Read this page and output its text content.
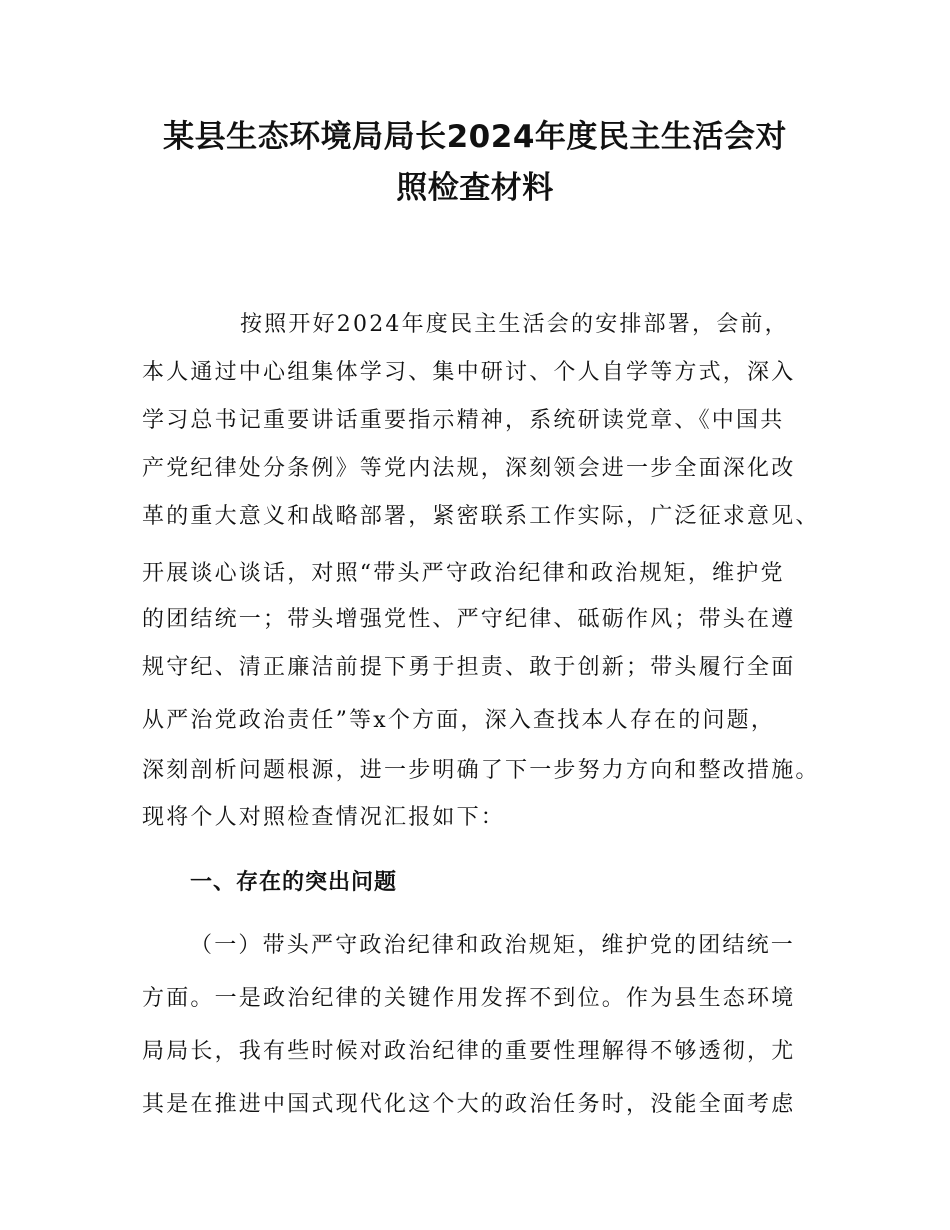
某县生态环境局局长2024年度民主生活会对
照检查材料
按照开好2024年度民主生活会的安排部署，会前，
本人通过中心组集体学习、集中研讨、个人自学等方式，深入
学习总书记重要讲话重要指示精神，系统研读党章、《中国共
产党纪律处分条例》等党内法规，深刻领会进一步全面深化改
革的重大意义和战略部署，紧密联系工作实际，广泛征求意见、
开展谈心谈话，对照“带头严守政治纪律和政治规矩，维护党
的团结统一；带头增强党性、严守纪律、砥砺作风；带头在遵
规守纪、清正廉洁前提下勇于担责、敢于创新；带头履行全面
从严治党政治责任”等x个方面，深入查找本人存在的问题，
深刻剖析问题根源，进一步明确了下一步努力方向和整改措施。
现将个人对照检查情况汇报如下：
一、存在的突出问题
（一）带头严守政治纪律和政治规矩，维护党的团结统一
方面。一是政治纪律的关键作用发挥不到位。作为县生态环境
局局长，我有些时候对政治纪律的重要性理解得不够透彻，尤
其是在推进中国式现代化这个大的政治任务时，没能全面考虑
